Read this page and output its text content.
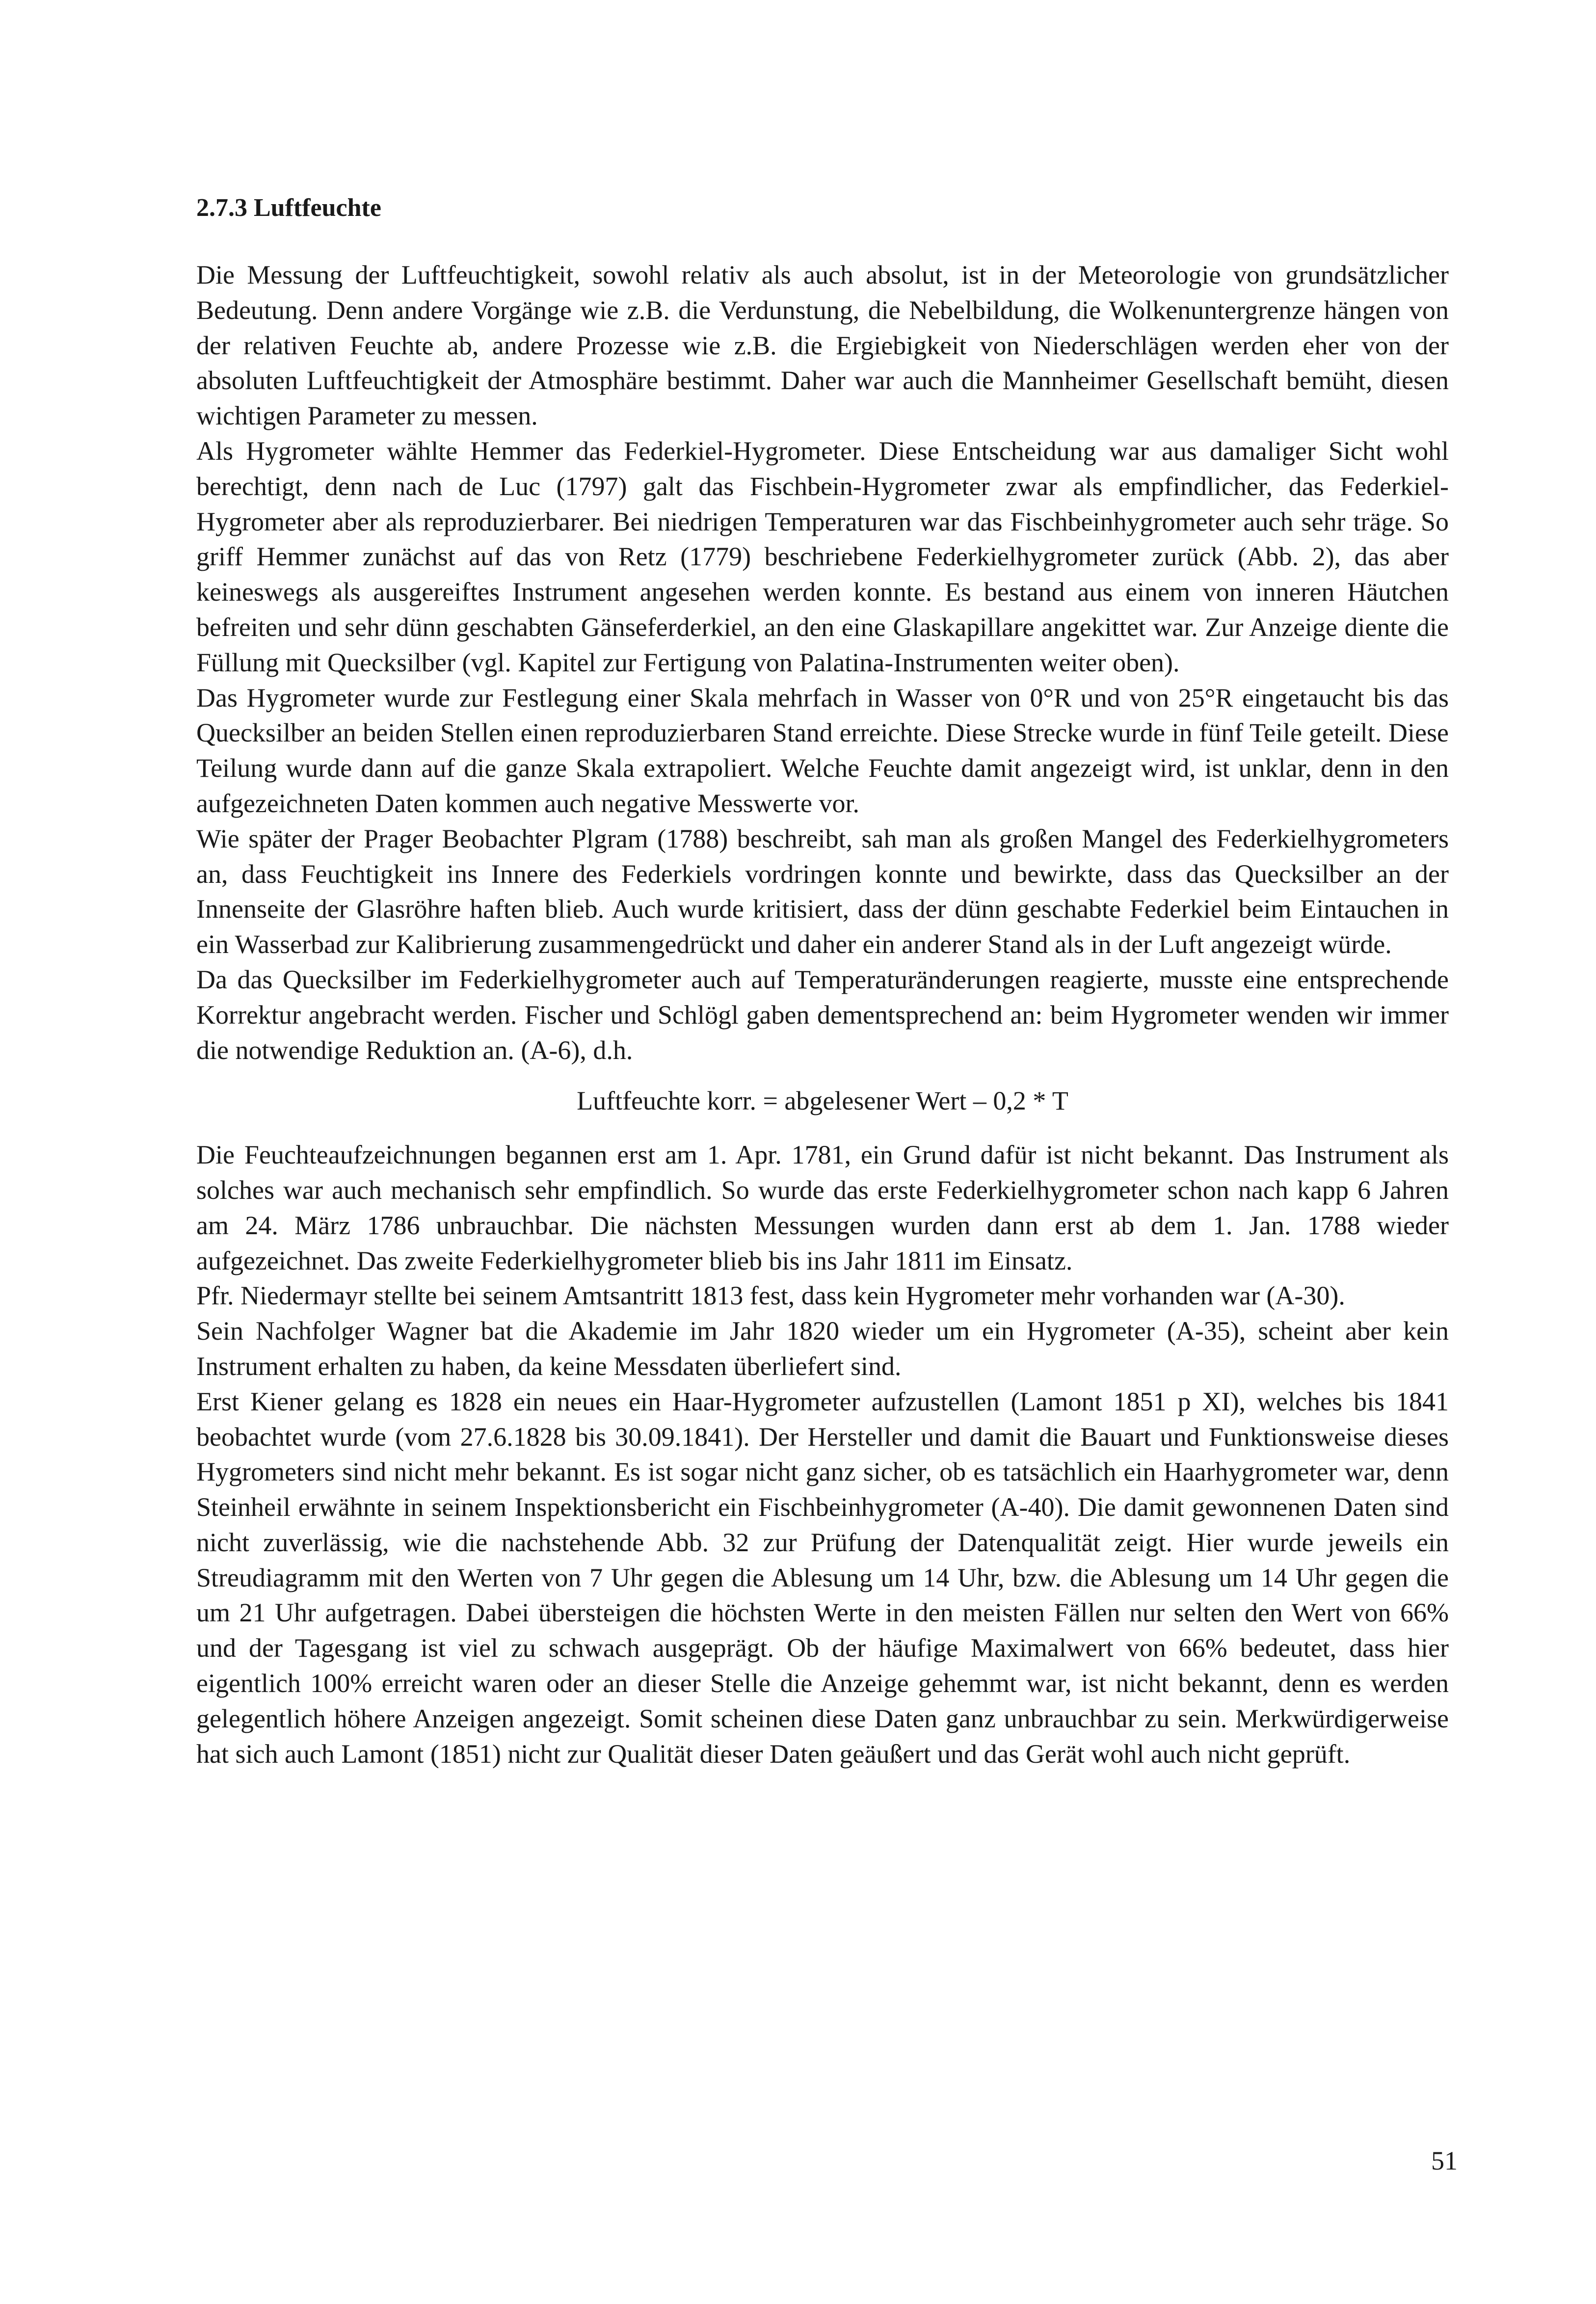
2.7.3 Luftfeuchte

Die Messung der Luftfeuchtigkeit, sowohl relativ als auch absolut, ist in der Meteorologie von grundsätzlicher Bedeutung. Denn andere Vorgänge wie z.B. die Verdunstung, die Nebelbildung, die Wolkenuntergrenze hängen von der relativen Feuchte ab, andere Prozesse wie z.B. die Ergiebigkeit von Niederschlägen werden eher von der absoluten Luftfeuchtigkeit der Atmosphäre bestimmt. Daher war auch die Mannheimer Gesellschaft bemüht, diesen wichtigen Parameter zu messen.

Als Hygrometer wählte Hemmer das Federkiel-Hygrometer. Diese Entscheidung war aus damaliger Sicht wohl berechtigt, denn nach de Luc (1797) galt das Fischbein-Hygrometer zwar als empfindlicher, das Federkiel-Hygrometer aber als reproduzierbarer. Bei niedrigen Temperaturen war das Fischbeinhygrometer auch sehr träge. So griff Hemmer zunächst auf das von Retz (1779) beschriebene Federkielhygrometer zurück (Abb. 2), das aber keineswegs als ausgereiftes Instrument angesehen werden konnte. Es bestand aus einem von inneren Häutchen befreiten und sehr dünn geschabten Gänseferderkiel, an den eine Glaskapillare angekittet war. Zur Anzeige diente die Füllung mit Quecksilber (vgl. Kapitel zur Fertigung von Palatina-Instrumenten weiter oben).

Das Hygrometer wurde zur Festlegung einer Skala mehrfach in Wasser von 0°R und von 25°R eingetaucht bis das Quecksilber an beiden Stellen einen reproduzierbaren Stand erreichte. Diese Strecke wurde in fünf Teile geteilt. Diese Teilung wurde dann auf die ganze Skala extrapoliert. Welche Feuchte damit angezeigt wird, ist unklar, denn in den aufgezeichneten Daten kommen auch negative Messwerte vor.

Wie später der Prager Beobachter Plgram (1788) beschreibt, sah man als großen Mangel des Federkielhygrometers an, dass Feuchtigkeit ins Innere des Federkiels vordringen konnte und bewirkte, dass das Quecksilber an der Innenseite der Glasröhre haften blieb. Auch wurde kritisiert, dass der dünn geschabte Federkiel beim Eintauchen in ein Wasserbad zur Kalibrierung zusammengedrückt und daher ein anderer Stand als in der Luft angezeigt würde.

Da das Quecksilber im Federkielhygrometer auch auf Temperaturänderungen reagierte, musste eine entsprechende Korrektur angebracht werden. Fischer und Schlögl gaben dementsprechend an: beim Hygrometer wenden wir immer die notwendige Reduktion an. (A-6), d.h.

Luftfeuchte korr. = abgelesener Wert – 0,2 * T

Die Feuchteaufzeichnungen begannen erst am 1. Apr. 1781, ein Grund dafür ist nicht bekannt. Das Instrument als solches war auch mechanisch sehr empfindlich. So wurde das erste Federkielhygrometer schon nach kapp 6 Jahren am 24. März 1786 unbrauchbar. Die nächsten Messungen wurden dann erst ab dem 1. Jan. 1788 wieder aufgezeichnet. Das zweite Federkielhygrometer blieb bis ins Jahr 1811 im Einsatz.

Pfr. Niedermayr stellte bei seinem Amtsantritt 1813 fest, dass kein Hygrometer mehr vorhanden war (A-30).

Sein Nachfolger Wagner bat die Akademie im Jahr 1820 wieder um ein Hygrometer (A-35), scheint aber kein Instrument erhalten zu haben, da keine Messdaten überliefert sind.

Erst Kiener gelang es 1828 ein neues ein Haar-Hygrometer aufzustellen (Lamont 1851 p XI), welches bis 1841 beobachtet wurde (vom 27.6.1828 bis 30.09.1841). Der Hersteller und damit die Bauart und Funktionsweise dieses Hygrometers sind nicht mehr bekannt. Es ist sogar nicht ganz sicher, ob es tatsächlich ein Haarhygrometer war, denn Steinheil erwähnte in seinem Inspektionsbericht ein Fischbeinhygrometer (A-40). Die damit gewonnenen Daten sind nicht zuverlässig, wie die nachstehende Abb. 32 zur Prüfung der Datenqualität zeigt. Hier wurde jeweils ein Streudiagramm mit den Werten von 7 Uhr gegen die Ablesung um 14 Uhr, bzw. die Ablesung um 14 Uhr gegen die um 21 Uhr aufgetragen. Dabei übersteigen die höchsten Werte in den meisten Fällen nur selten den Wert von 66% und der Tagesgang ist viel zu schwach ausgeprägt. Ob der häufige Maximalwert von 66% bedeutet, dass hier eigentlich 100% erreicht waren oder an dieser Stelle die Anzeige gehemmt war, ist nicht bekannt, denn es werden gelegentlich höhere Anzeigen angezeigt. Somit scheinen diese Daten ganz unbrauchbar zu sein. Merkwürdigerweise hat sich auch Lamont (1851) nicht zur Qualität dieser Daten geäußert und das Gerät wohl auch nicht geprüft.

51
